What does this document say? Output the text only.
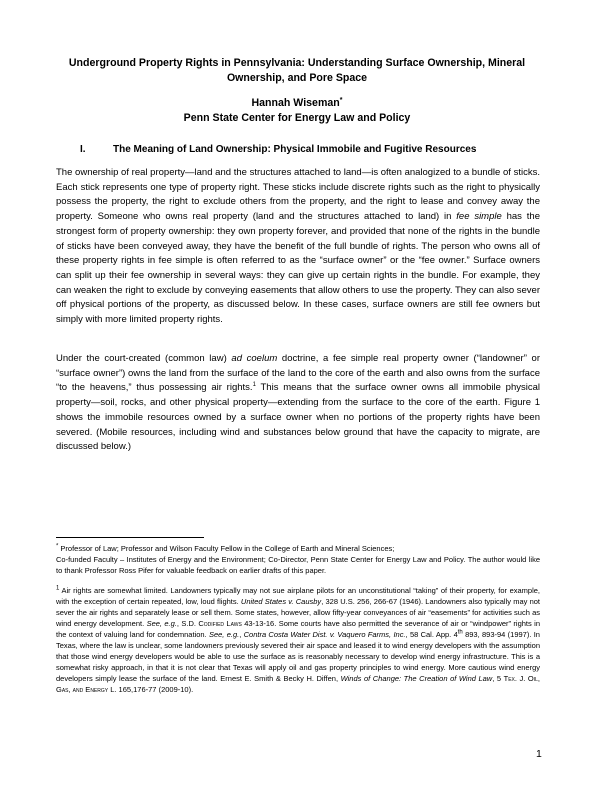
Underground Property Rights in Pennsylvania: Understanding Surface Ownership, Mineral
Ownership, and Pore Space
Hannah Wiseman*
Penn State Center for Energy Law and Policy
I.	The Meaning of Land Ownership: Physical Immobile and Fugitive Resources

The ownership of real property—land and the structures attached to land—is often analogized to a bundle of sticks. Each stick represents one type of property right. These sticks include discrete rights such as the right to physically possess the property, the right to exclude others from the property, and the right to lease and convey away the property. Someone who owns real property (land and the structures attached to land) in fee simple has the strongest form of property ownership: they own property forever, and provided that none of the rights in the bundle of sticks have been conveyed away, they have the benefit of the full bundle of rights. The person who owns all of these property rights in fee simple is often referred to as the “surface owner” or the “fee owner.” Surface owners can split up their fee ownership in several ways: they can give up certain rights in the bundle. For example, they can weaken the right to exclude by conveying easements that allow others to use the property. They can also sever off physical portions of the property, as discussed below. In these cases, surface owners are still fee owners but simply with more limited property rights.

Under the court-created (common law) ad coelum doctrine, a fee simple real property owner (“landowner” or “surface owner”) owns the land from the surface of the land to the core of the earth and also owns from the surface “to the heavens,” thus possessing air rights.$^1$ This means that the surface owner owns all immobile physical property—soil, rocks, and other physical property—extending from the surface to the core of the earth. Figure 1 shows the immobile resources owned by a surface owner when no portions of the property rights have been severed. (Mobile resources, including wind and substances below ground that have the capacity to migrate, are discussed below.)

* Professor of Law; Professor and Wilson Faculty Fellow in the College of Earth and Mineral Sciences;
Co-funded Faculty – Institutes of Energy and the Environment; Co-Director, Penn State Center for Energy Law and Policy. The author would like to thank Professor Ross Pifer for valuable feedback on earlier drafts of this paper.

$^1$ Air rights are somewhat limited. Landowners typically may not sue airplane pilots for an unconstitutional “taking” of their property, for example, with the exception of certain repeated, low, loud flights. United States v. Causby, 328 U.S. 256, 266-67 (1946). Landowners also typically may not sever the air rights and separately lease or sell them. Some states, however, allow fifty-year conveyances of air “easements” for activities such as wind energy development. See, e.g., S.D. Codified Laws 43-13-16. Some courts have also permitted the severance of air or “windpower” rights in the context of valuing land for condemnation. See, e.g., Contra Costa Water Dist. v. Vaquero Farms, Inc., 58 Cal. App. 4th 893, 893-94 (1997). In Texas, where the law is unclear, some landowners previously severed their air space and leased it to wind energy developers with the assumption that those wind energy developers would be able to use the surface as is reasonably necessary to develop wind energy infrastructure. This is a somewhat risky approach, in that it is not clear that Texas will apply oil and gas property principles to wind energy. More cautious wind energy developers simply lease the surface of the land. Ernest E. Smith & Becky H. Diffen, Winds of Change: The Creation of Wind Law, 5 Tex. J. Oil, Gas, and Energy L. 165,176-77 (2009-10).

1
